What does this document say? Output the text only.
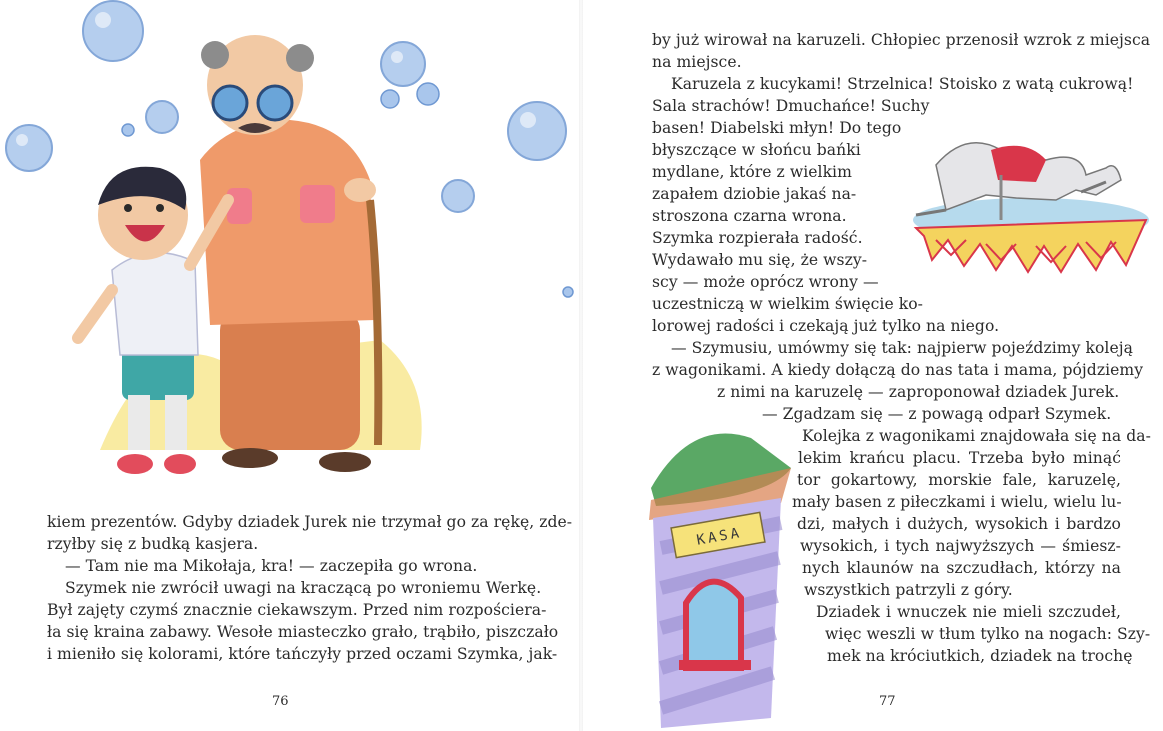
kiem prezentów. Gdyby dziadek Jurek nie trzymał go za rękę, zde-
rzyłby się z budką kasjera.
— Tam nie ma Mikołaja, kra! — zaczepiła go wrona.
Szymek nie zwrócił uwagi na kraczącą po wroniemu Werkę.
Był zajęty czymś znacznie ciekawszym. Przed nim rozpościera-
ła się kraina zabawy. Wesołe miasteczko grało, trąbiło, piszczało
i mieniło się kolorami, które tańczyły przed oczami Szymka, jak-
76
KASA
by już wirował na karuzeli. Chłopiec przenosił wzrok z miejsca
na miejsce.
Karuzela z kucykami! Strzelnica! Stoisko z watą cukrową!
Sala strachów! Dmuchańce! Suchy
basen! Diabelski młyn! Do tego
błyszczące w słońcu bańki
mydlane, które z wielkim
zapałem dziobie jakaś na-
stroszona czarna wrona.
Szymka rozpierała radość.
Wydawało mu się, że wszy-
scy — może oprócz wrony —
uczestniczą w wielkim święcie ko-
lorowej radości i czekają już tylko na niego.
— Szymusiu, umówmy się tak: najpierw pojeździmy koleją
z wagonikami. A kiedy dołączą do nas tata i mama, pójdziemy
z nimi na karuzelę — zaproponował dziadek Jurek.
— Zgadzam się — z powagą odparł Szymek.
Kolejka z wagonikami znajdowała się na da-
lekim krańcu placu. Trzeba było minąć
tor gokartowy, morskie fale, karuzelę,
mały basen z piłeczkami i wielu, wielu lu-
dzi, małych i dużych, wysokich i bardzo
wysokich, i tych najwyższych — śmiesz-
nych klaunów na szczudłach, którzy na
wszystkich patrzyli z góry.
Dziadek i wnuczek nie mieli szczudeł,
więc weszli w tłum tylko na nogach: Szy-
mek na króciutkich, dziadek na trochę
77
